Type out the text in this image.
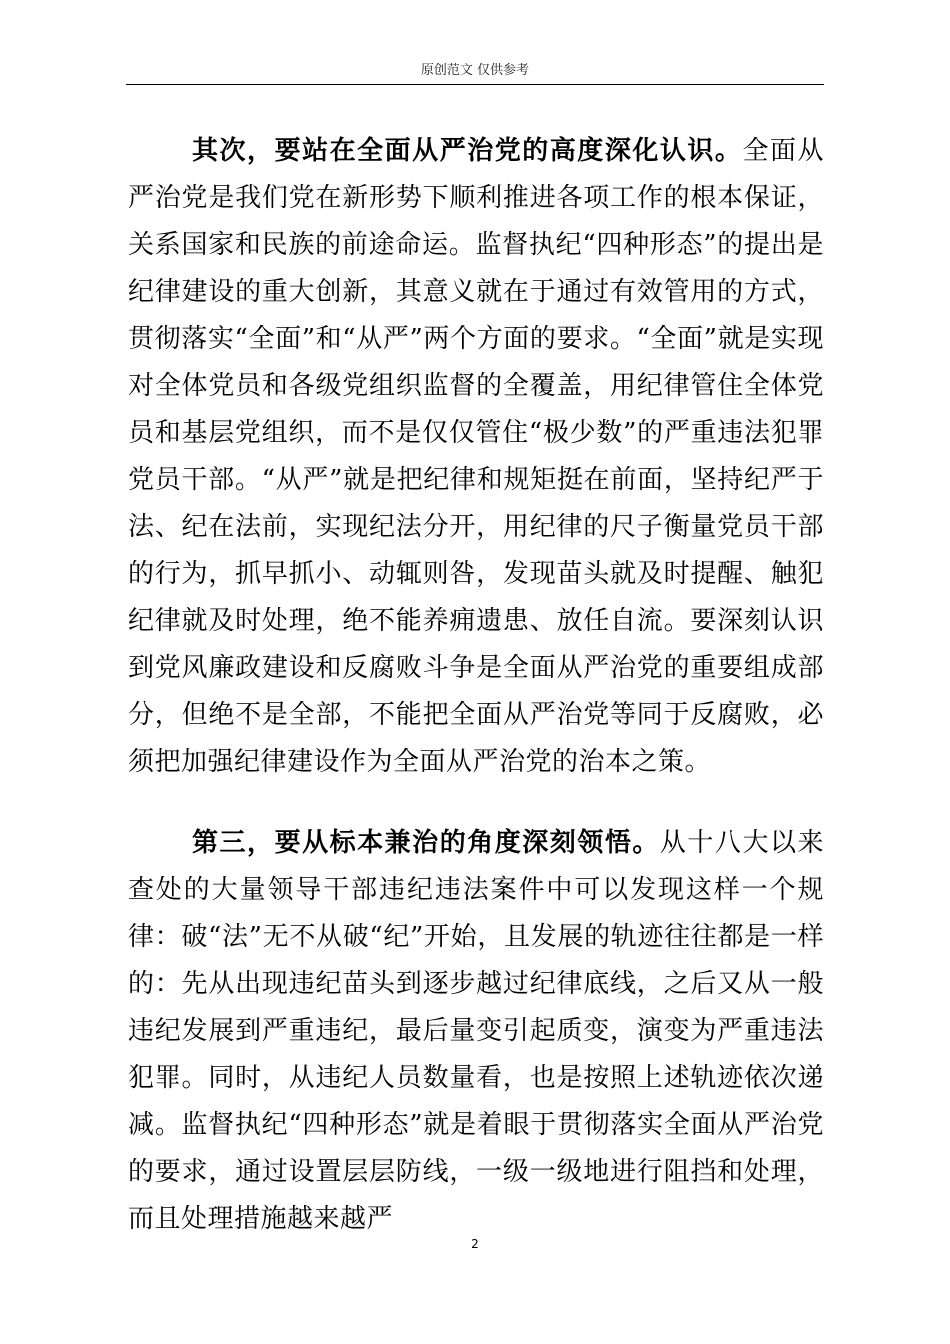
原创范文 仅供参考
其次，要站在全面从严治党的高度深化认识。全面从严治党是我们党在新形势下顺利推进各项工作的根本保证，关系国家和民族的前途命运。监督执纪“四种形态”的提出是纪律建设的重大创新，其意义就在于通过有效管用的方式，贯彻落实“全面”和“从严”两个方面的要求。“全面”就是实现对全体党员和各级党组织监督的全覆盖，用纪律管住全体党员和基层党组织，而不是仅仅管住“极少数”的严重违法犯罪党员干部。“从严”就是把纪律和规矩挺在前面，坚持纪严于法、纪在法前，实现纪法分开，用纪律的尺子衡量党员干部的行为，抓早抓小、动辄则咎，发现苗头就及时提醒、触犯纪律就及时处理，绝不能养痈遗患、放任自流。要深刻认识到党风廉政建设和反腐败斗争是全面从严治党的重要组成部分，但绝不是全部，不能把全面从严治党等同于反腐败，必须把加强纪律建设作为全面从严治党的治本之策。
第三，要从标本兼治的角度深刻领悟。从十八大以来查处的大量领导干部违纪违法案件中可以发现这样一个规律：破“法”无不从破“纪”开始，且发展的轨迹往往都是一样的：先从出现违纪苗头到逐步越过纪律底线，之后又从一般违纪发展到严重违纪，最后量变引起质变，演变为严重违法犯罪。同时，从违纪人员数量看，也是按照上述轨迹依次递减。监督执纪“四种形态”就是着眼于贯彻落实全面从严治党的要求，通过设置层层防线，一级一级地进行阻挡和处理，而且处理措施越来越严
2
